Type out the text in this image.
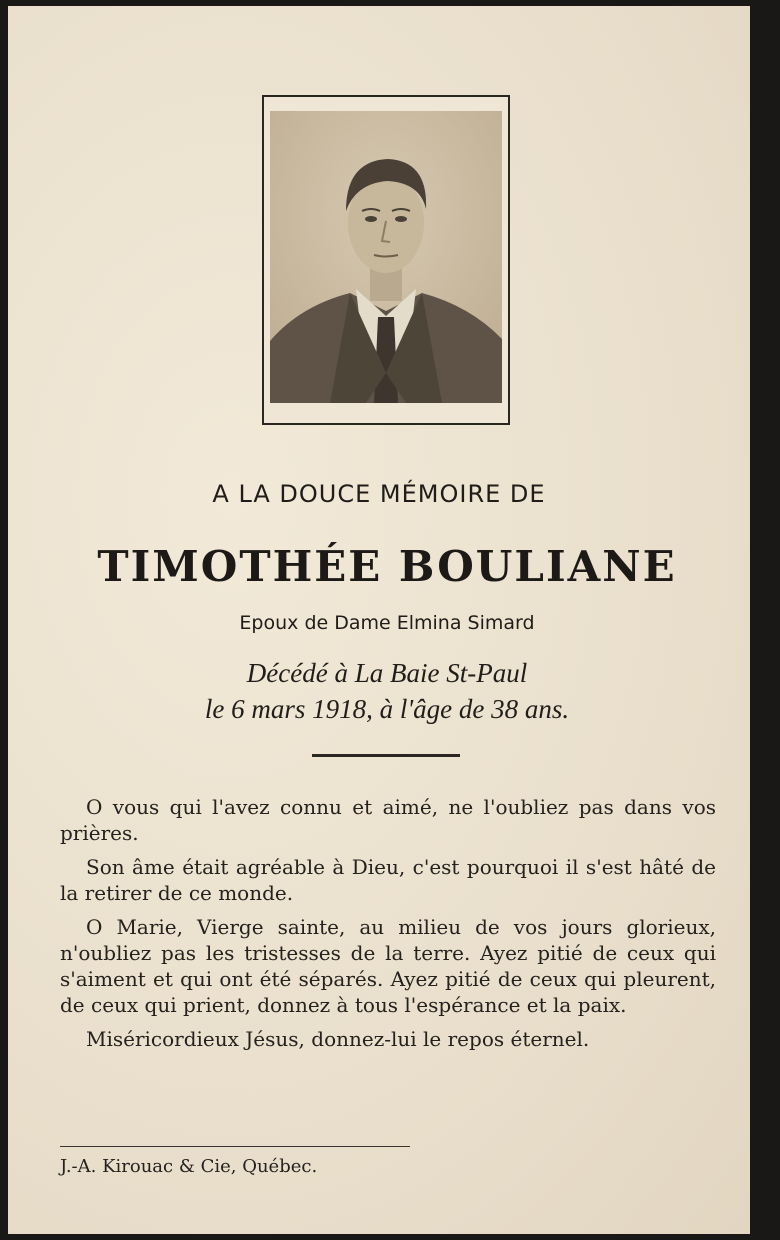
A LA DOUCE MÉMOIRE DE
TIMOTHÉE BOULIANE
Epoux de Dame Elmina Simard
Décédé à La Baie St-Paul
le 6 mars 1918, à l'âge de 38 ans.

O vous qui l'avez connu et aimé, ne l'oubliez pas dans vos prières.

Son âme était agréable à Dieu, c'est pourquoi il s'est hâté de la retirer de ce monde.

O Marie, Vierge sainte, au milieu de vos jours glorieux, n'oubliez pas les tristesses de la terre. Ayez pitié de ceux qui s'aiment et qui ont été séparés. Ayez pitié de ceux qui pleurent, de ceux qui prient, donnez à tous l'espérance et la paix.

Miséricordieux Jésus, donnez-lui le repos éternel.

J.-A. Kirouac & Cie, Québec.
